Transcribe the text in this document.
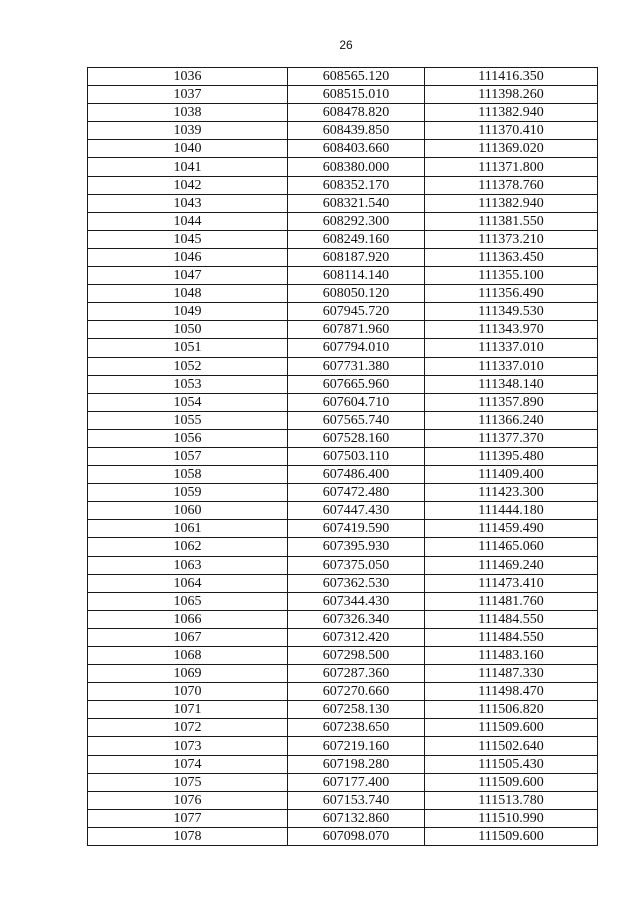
26
1036	608565.120	111416.350
1037	608515.010	111398.260
1038	608478.820	111382.940
1039	608439.850	111370.410
1040	608403.660	111369.020
1041	608380.000	111371.800
1042	608352.170	111378.760
1043	608321.540	111382.940
1044	608292.300	111381.550
1045	608249.160	111373.210
1046	608187.920	111363.450
1047	608114.140	111355.100
1048	608050.120	111356.490
1049	607945.720	111349.530
1050	607871.960	111343.970
1051	607794.010	111337.010
1052	607731.380	111337.010
1053	607665.960	111348.140
1054	607604.710	111357.890
1055	607565.740	111366.240
1056	607528.160	111377.370
1057	607503.110	111395.480
1058	607486.400	111409.400
1059	607472.480	111423.300
1060	607447.430	111444.180
1061	607419.590	111459.490
1062	607395.930	111465.060
1063	607375.050	111469.240
1064	607362.530	111473.410
1065	607344.430	111481.760
1066	607326.340	111484.550
1067	607312.420	111484.550
1068	607298.500	111483.160
1069	607287.360	111487.330
1070	607270.660	111498.470
1071	607258.130	111506.820
1072	607238.650	111509.600
1073	607219.160	111502.640
1074	607198.280	111505.430
1075	607177.400	111509.600
1076	607153.740	111513.780
1077	607132.860	111510.990
1078	607098.070	111509.600
